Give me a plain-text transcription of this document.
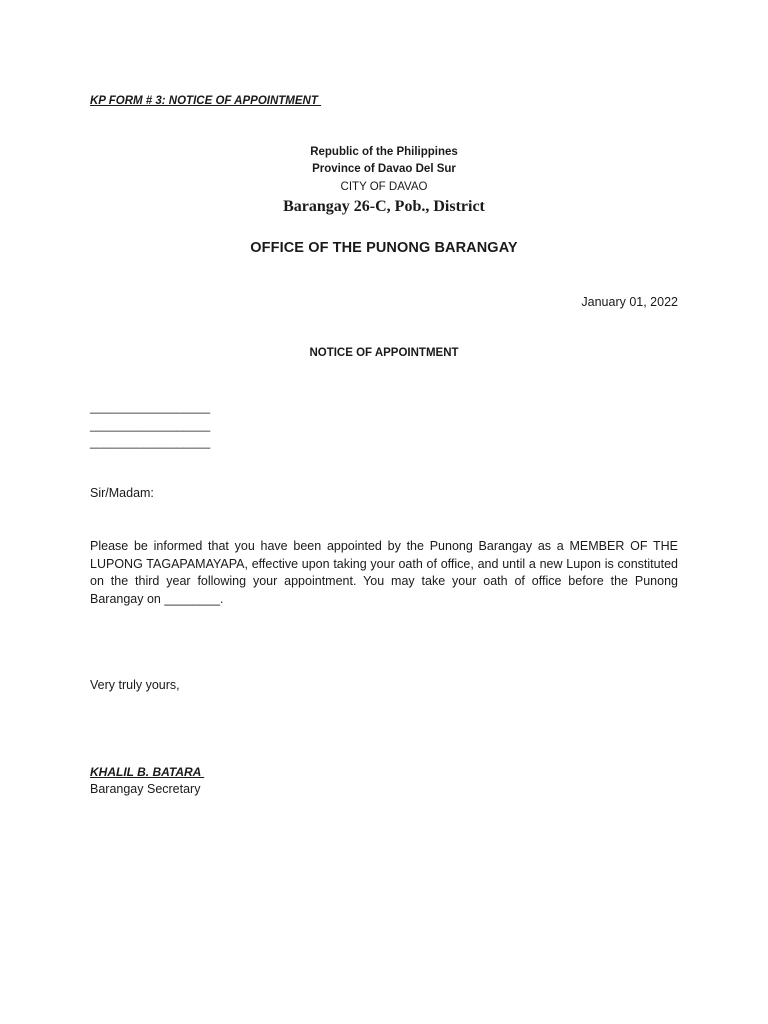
KP FORM # 3: NOTICE OF APPOINTMENT
Republic of the Philippines
Province of Davao Del Sur
CITY OF DAVAO
Barangay 26-C, Pob., District
OFFICE OF THE PUNONG BARANGAY
January 01, 2022
NOTICE OF APPOINTMENT
__________________
__________________
__________________
Sir/Madam:
Please be informed that you have been appointed by the Punong Barangay as a MEMBER OF THE LUPONG TAGAPAMAYAPA, effective upon taking your oath of office, and until a new Lupon is constituted on the third year following your appointment. You may take your oath of office before the Punong Barangay on ________.
Very truly yours,
KHALIL B. BATARA
Barangay Secretary
